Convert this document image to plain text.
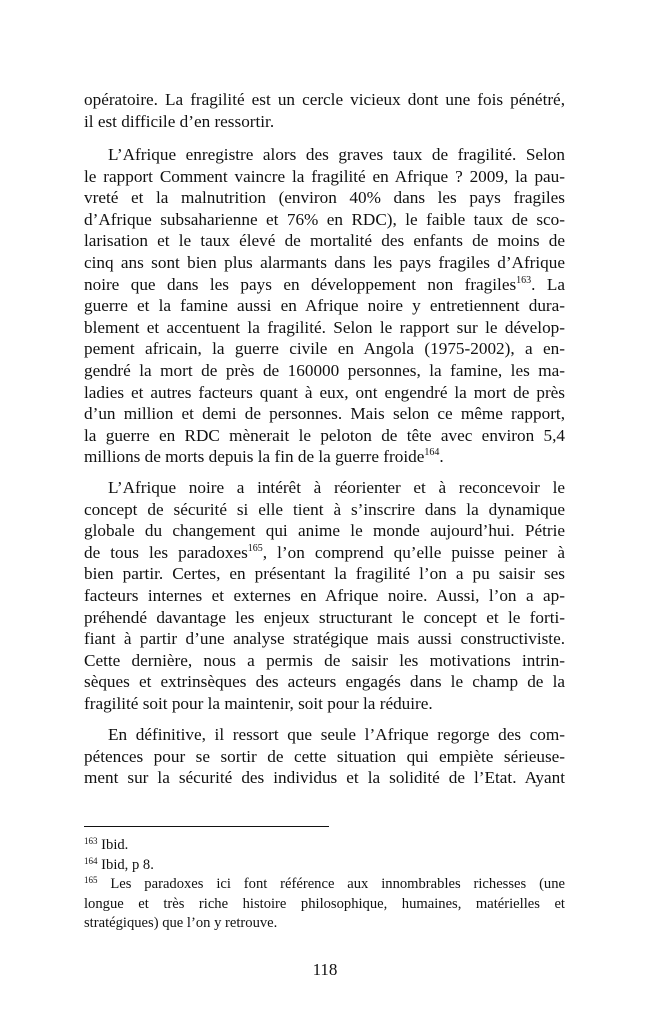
opératoire. La fragilité est un cercle vicieux dont une fois pénétré,
il est difficile d’en ressortir.
L’Afrique enregistre alors des graves taux de fragilité. Selon
le rapport Comment vaincre la fragilité en Afrique ? 2009, la pau-
vreté et la malnutrition (environ 40% dans les pays fragiles
d’Afrique subsaharienne et 76% en RDC), le faible taux de sco-
larisation et le taux élevé de mortalité des enfants de moins de
cinq ans sont bien plus alarmants dans les pays fragiles d’Afrique
noire que dans les pays en développement non fragiles$^{163}$. La
guerre et la famine aussi en Afrique noire y entretiennent dura-
blement et accentuent la fragilité. Selon le rapport sur le dévelop-
pement africain, la guerre civile en Angola (1975-2002), a en-
gendré la mort de près de 160000 personnes, la famine, les ma-
ladies et autres facteurs quant à eux, ont engendré la mort de près
d’un million et demi de personnes. Mais selon ce même rapport,
la guerre en RDC mènerait le peloton de tête avec environ 5,4
millions de morts depuis la fin de la guerre froide$^{164}$.
L’Afrique noire a intérêt à réorienter et à reconcevoir le
concept de sécurité si elle tient à s’inscrire dans la dynamique
globale du changement qui anime le monde aujourd’hui. Pétrie
de tous les paradoxes$^{165}$, l’on comprend qu’elle puisse peiner à
bien partir. Certes, en présentant la fragilité l’on a pu saisir ses
facteurs internes et externes en Afrique noire. Aussi, l’on a ap-
préhendé davantage les enjeux structurant le concept et le forti-
fiant à partir d’une analyse stratégique mais aussi constructiviste.
Cette dernière, nous a permis de saisir les motivations intrin-
sèques et extrinsèques des acteurs engagés dans le champ de la
fragilité soit pour la maintenir, soit pour la réduire.
En définitive, il ressort que seule l’Afrique regorge des com-
pétences pour se sortir de cette situation qui empiète sérieuse-
ment sur la sécurité des individus et la solidité de l’Etat. Ayant
$^{163}$ Ibid.
$^{164}$ Ibid, p 8.
$^{165}$ Les paradoxes ici font référence aux innombrables richesses (une
longue et très riche histoire philosophique, humaines, matérielles et
stratégiques) que l’on y retrouve.
118
